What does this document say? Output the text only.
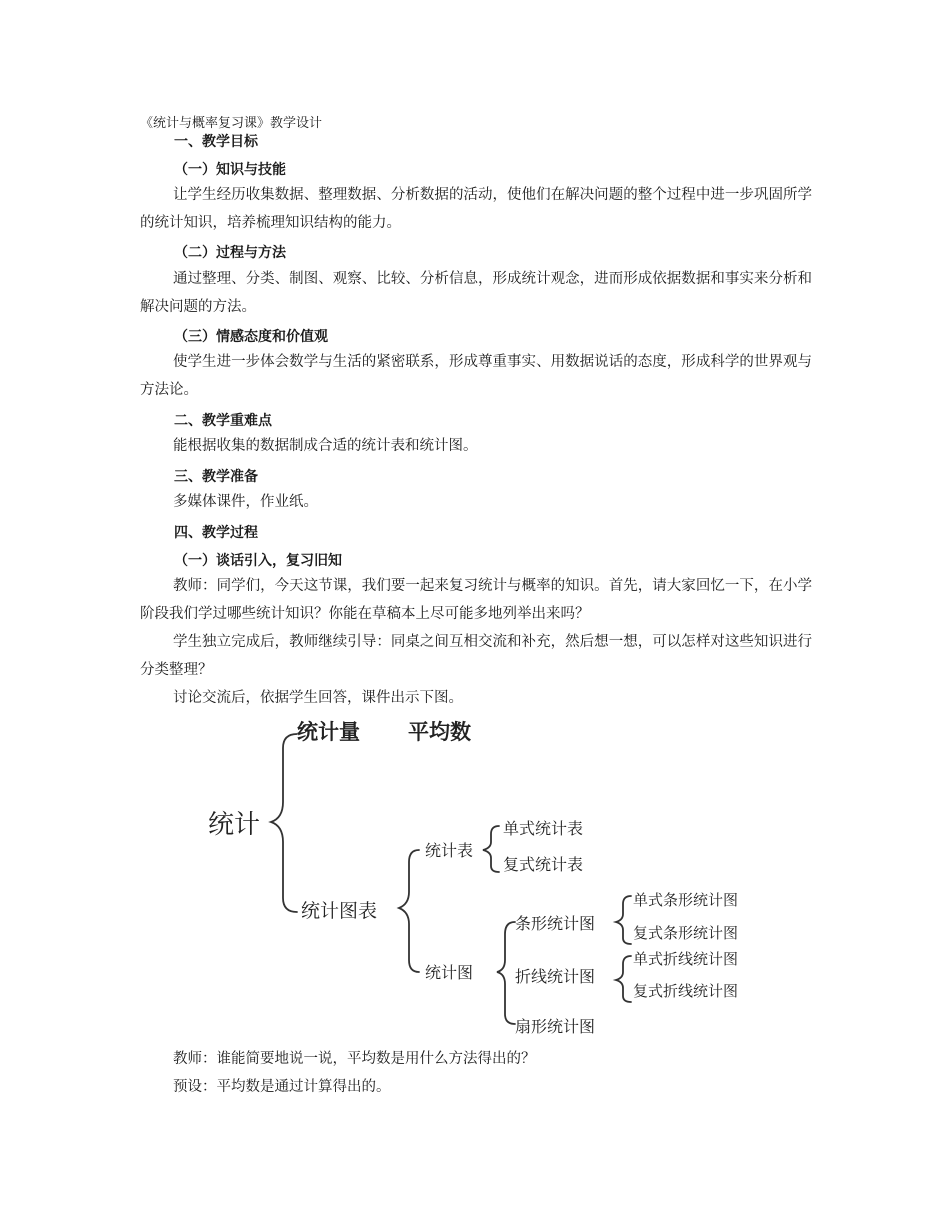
《统计与概率复习课》教学设计
一、教学目标
（一）知识与技能
让学生经历收集数据、整理数据、分析数据的活动，使他们在解决问题的整个过程中进一步巩固所学的统计知识，培养梳理知识结构的能力。
（二）过程与方法
通过整理、分类、制图、观察、比较、分析信息，形成统计观念，进而形成依据数据和事实来分析和解决问题的方法。
（三）情感态度和价值观
使学生进一步体会数学与生活的紧密联系，形成尊重事实、用数据说话的态度，形成科学的世界观与方法论。
二、教学重难点
能根据收集的数据制成合适的统计表和统计图。
三、教学准备
多媒体课件，作业纸。
四、教学过程
（一）谈话引入，复习旧知
教师：同学们，今天这节课，我们要一起来复习统计与概率的知识。首先，请大家回忆一下，在小学阶段我们学过哪些统计知识？你能在草稿本上尽可能多地列举出来吗？
学生独立完成后，教师继续引导：同桌之间互相交流和补充，然后想一想，可以怎样对这些知识进行分类整理？
讨论交流后，依据学生回答，课件出示下图。
统计
统计量 平均数
统计图表
统计表
单式统计表
复式统计表
统计图
条形统计图
单式条形统计图
复式条形统计图
折线统计图
单式折线统计图
复式折线统计图
扇形统计图
教师：谁能简要地说一说，平均数是用什么方法得出的？
预设：平均数是通过计算得出的。
